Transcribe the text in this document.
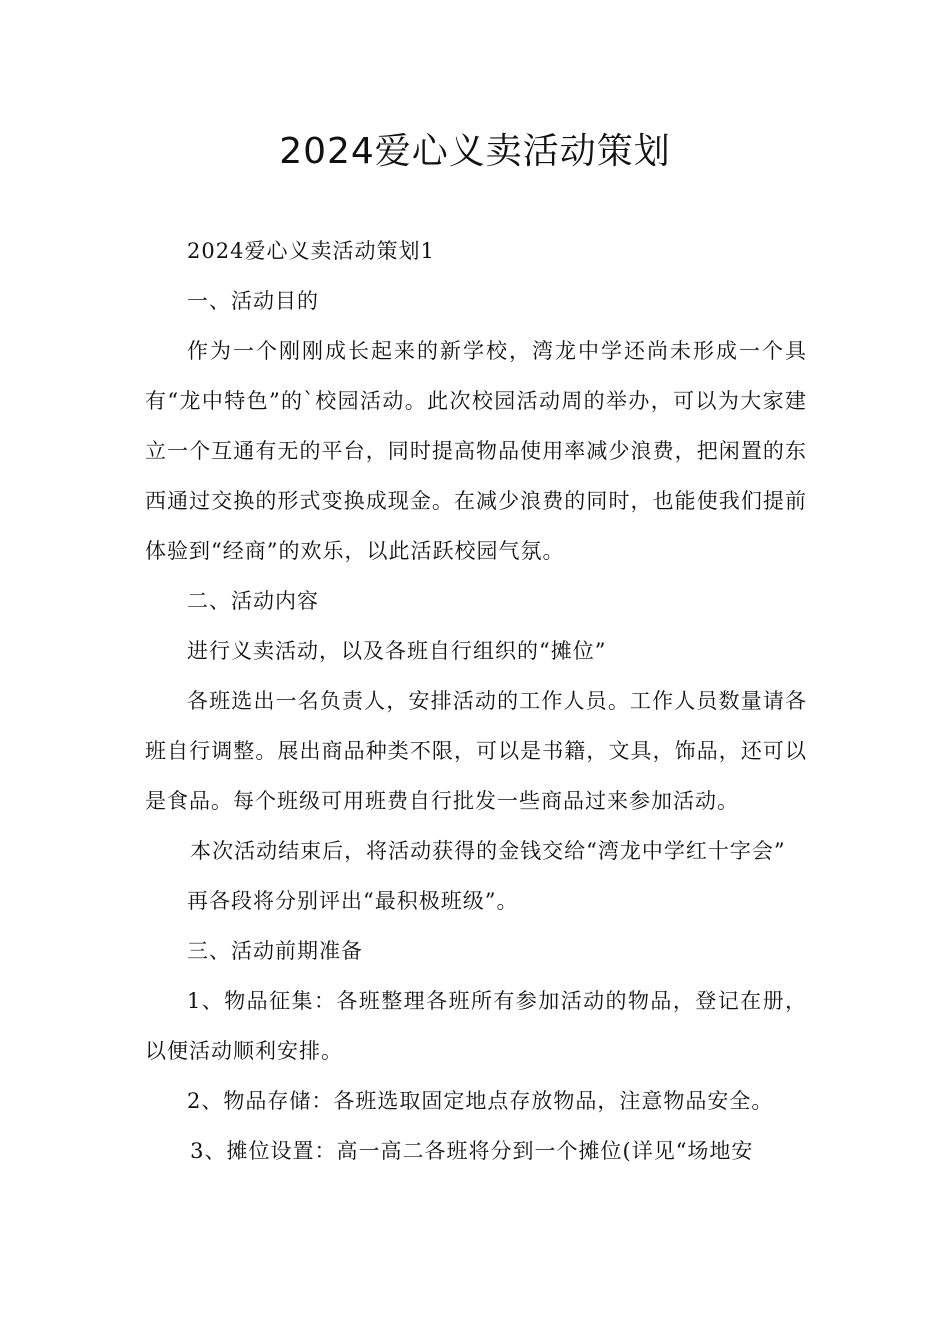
2024爱心义卖活动策划

2024爱心义卖活动策划1

一、活动目的

作为一个刚刚成长起来的新学校，湾龙中学还尚未形成一个具有“龙中特色”的`校园活动。此次校园活动周的举办，可以为大家建立一个互通有无的平台，同时提高物品使用率减少浪费，把闲置的东西通过交换的形式变换成现金。在减少浪费的同时，也能使我们提前体验到“经商”的欢乐，以此活跃校园气氛。

二、活动内容

进行义卖活动，以及各班自行组织的“摊位”

各班选出一名负责人，安排活动的工作人员。工作人员数量请各班自行调整。展出商品种类不限，可以是书籍，文具，饰品，还可以是食品。每个班级可用班费自行批发一些商品过来参加活动。

本次活动结束后，将活动获得的金钱交给“湾龙中学红十字会”

再各段将分别评出“最积极班级”。

三、活动前期准备

1、物品征集：各班整理各班所有参加活动的物品，登记在册，以便活动顺利安排。

2、物品存储：各班选取固定地点存放物品，注意物品安全。

3、摊位设置：高一高二各班将分到一个摊位(详见“场地安
